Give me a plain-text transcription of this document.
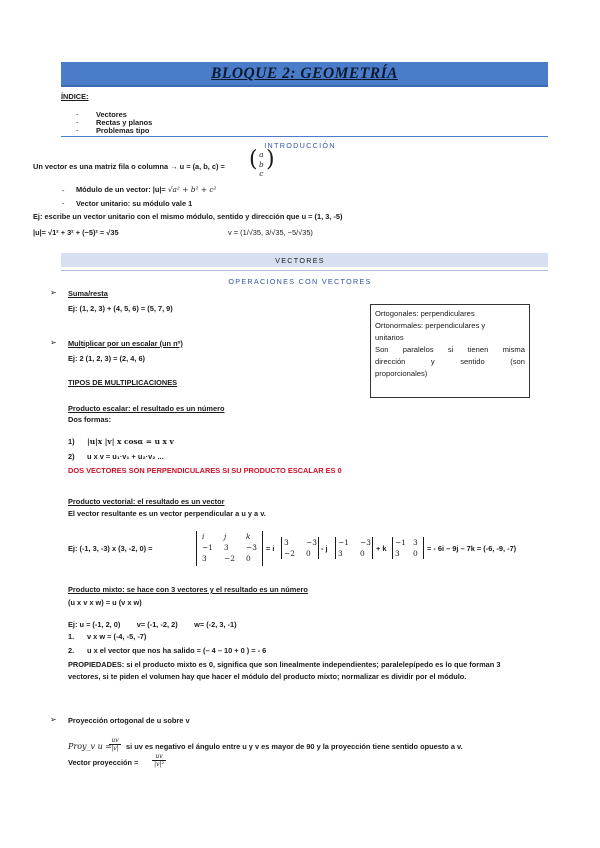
BLOQUE 2: GEOMETRÍA
ÍNDICE:
- Vectores
- Rectas y planos
- Problemas tipo
INTRODUCCIÓN
Un vector es una matriz fila o columna → u = (a, b, c) = ( a
b
c
)
- Módulo de un vector: |u|= √a² + b² + c²
- Vector unitario: su módulo vale 1
Ej: escribe un vector unitario con el mismo módulo, sentido y dirección que u = (1, 3, -5)
|u|= √1² + 3² + (−5)² = √35	v = (1/√35, 3/√35, −5/√35)
VECTORES
OPERACIONES CON VECTORES
➢ Suma/resta
Ej: (1, 2, 3) + (4, 5, 6) = (5, 7, 9)
➢ Multiplicar por un escalar (un nº)
Ej: 2 (1, 2, 3) = (2, 4, 6)
Ortogonales: perpendiculares
Ortonormales: perpendiculares y
unitarios
Son paralelos si tienen misma
dirección	y	sentido	(son
proporcionales)
TIPOS DE MULTIPLICACIONES
Producto escalar: el resultado es un número
Dos formas:
1) |u|x |v| x cosα = u x v
2) u x v = u₁·v₁ + u₂·v₂ ...
DOS VECTORES SON PERPENDICULARES SI SU PRODUCTO ESCALAR ES 0
Producto vectorial: el resultado es un vector
El vector resultante es un vector perpendicular a u y a v.
Ej: (-1, 3, -3) x (3, -2, 0) =
i	j	k
−1 3 −3
3 −2 0
= i
3 −3
−2 0
- j
−1 −3
3 0
+ k
−1 3
3 0
= - 6i – 9j – 7k = (-6, -9, -7)
Producto mixto: se hace con 3 vectores y el resultado es un número
(u x v x w) = u (v x w)
Ej: u = (-1, 2, 0)        v= (-1, -2, 2)        w= (-2, 3, -1)
1. v x w = (-4, -5, -7)
2. u x el vector que nos ha salido = (– 4 – 10 + 0 ) = - 6
PROPIEDADES: si el producto mixto es 0, significa que son linealmente independientes; paralelepípedo es lo que forman 3
vectores, si te piden el volumen hay que hacer el módulo del producto mixto; normalizar es dividir por el módulo.
➢ Proyección ortogonal de u sobre v
Proy_v u =
$\frac{uv}{|v|}$ si uv es negativo el ángulo entre u y v es mayor de 90 y la proyección tiene sentido opuesto a v.
Vector proyección = $\frac{uv}{\text{|v|²}}$
